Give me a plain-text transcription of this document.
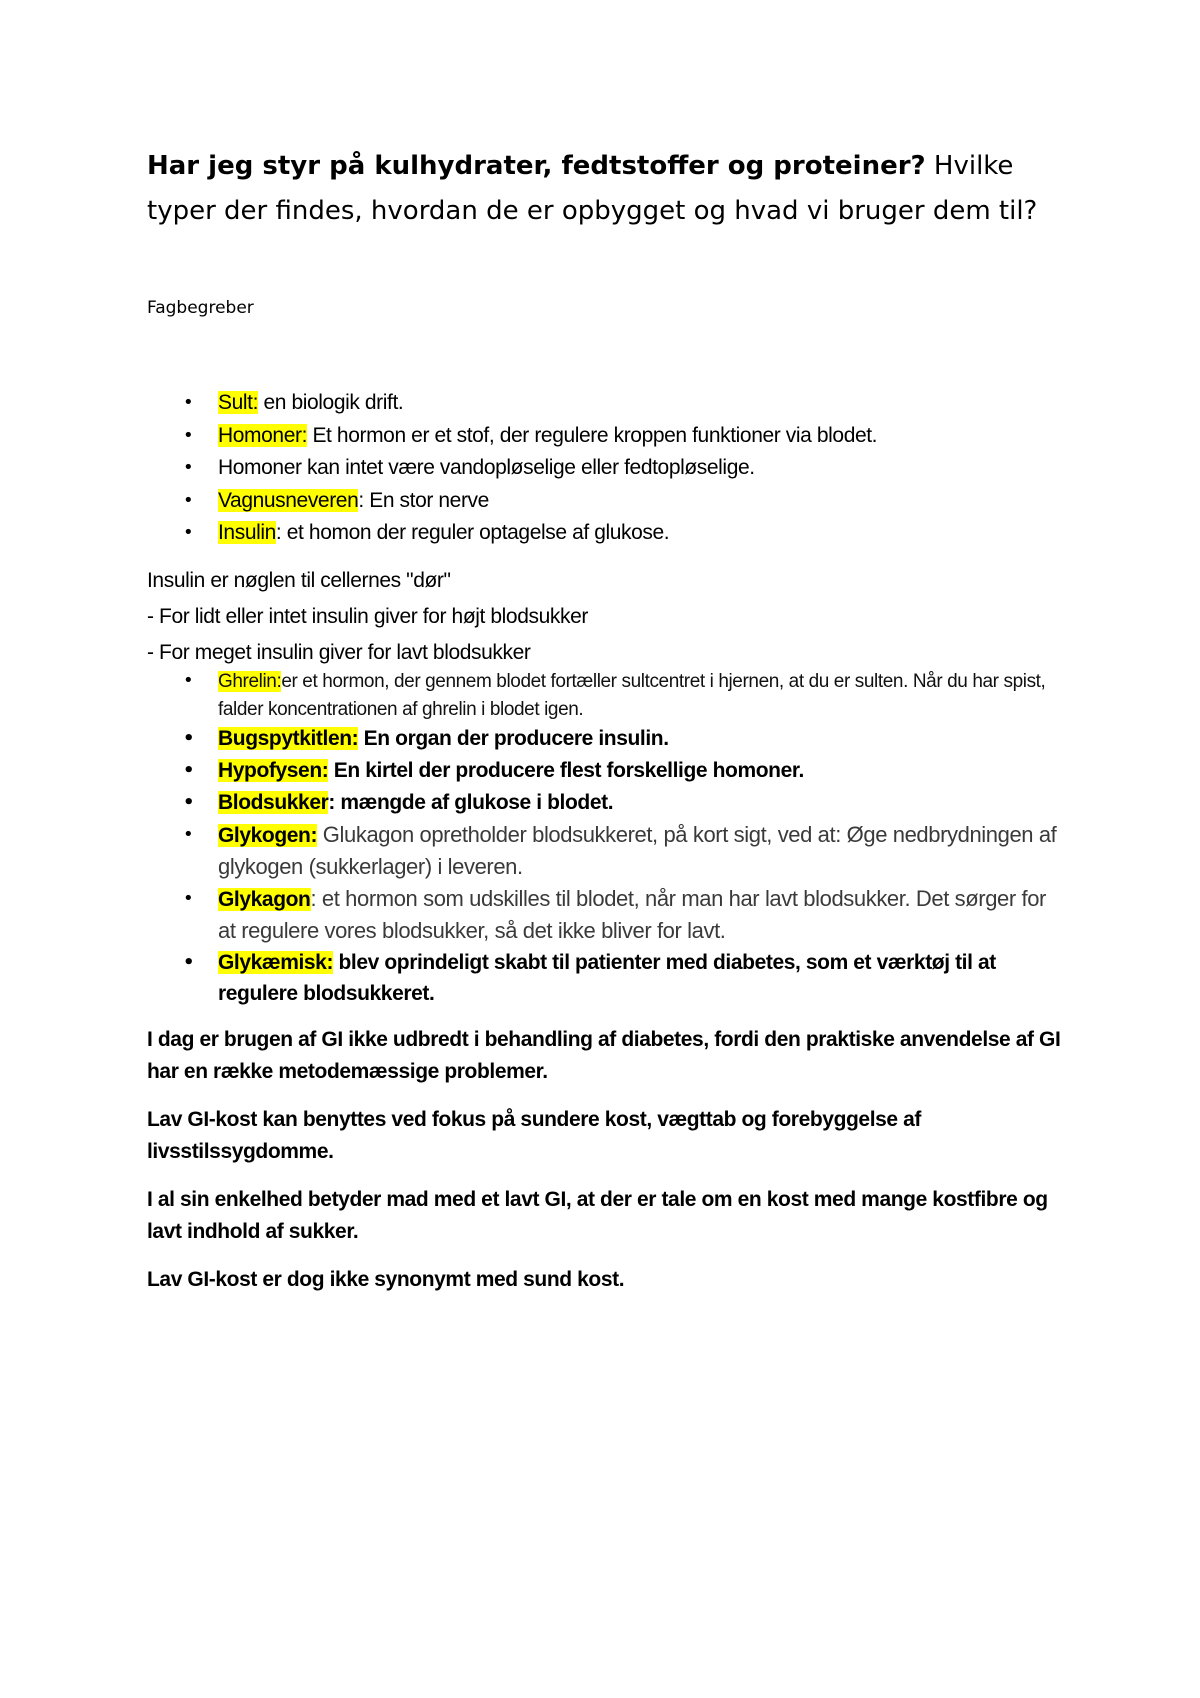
Har jeg styr på kulhydrater, fedtstoffer og proteiner? Hvilke typer der findes, hvordan de er opbygget og hvad vi bruger dem til?

Fagbegreber

• Sult: en biologik drift.
• Homoner: Et hormon er et stof, der regulere kroppen funktioner via blodet.
• Homoner kan intet være vandopløselige eller fedtopløselige.
• Vagnusneveren: En stor nerve
• Insulin: et homon der reguler optagelse af glukose.

Insulin er nøglen til cellernes "dør"

- For lidt eller intet insulin giver for højt blodsukker

- For meget insulin giver for lavt blodsukker

• Ghrelin:er et hormon, der gennem blodet fortæller sultcentret i hjernen, at du er sulten. Når du har spist, falder koncentrationen af ghrelin i blodet igen.
• Bugspytkitlen: En organ der producere insulin.
• Hypofysen: En kirtel der producere flest forskellige homoner.
• Blodsukker: mængde af glukose i blodet.
• Glykogen: Glukagon opretholder blodsukkeret, på kort sigt, ved at: Øge nedbrydningen af glykogen (sukkerlager) i leveren.
• Glykagon: et hormon som udskilles til blodet, når man har lavt blodsukker. Det sørger for at regulere vores blodsukker, så det ikke bliver for lavt.
• Glykæmisk: blev oprindeligt skabt til patienter med diabetes, som et værktøj til at regulere blodsukkeret.

I dag er brugen af GI ikke udbredt i behandling af diabetes, fordi den praktiske anvendelse af GI har en række metodemæssige problemer.

Lav GI-kost kan benyttes ved fokus på sundere kost, vægttab og forebyggelse af livsstilssygdomme.

I al sin enkelhed betyder mad med et lavt GI, at der er tale om en kost med mange kostfibre og lavt indhold af sukker.

Lav GI-kost er dog ikke synonymt med sund kost.
